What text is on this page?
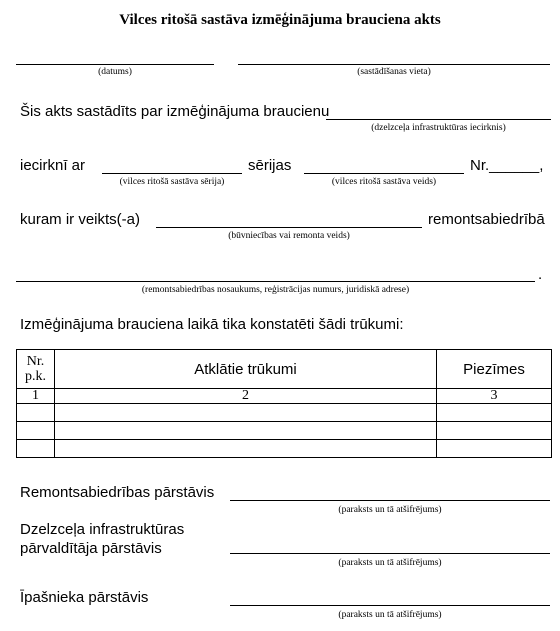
Vilces ritošā sastāva izmēģinājuma brauciena akts
(datums)	(sastādīšanas vieta)
Šis akts sastādīts par izmēģinājuma braucienu
(dzelzceļa infrastruktūras iecirknis)
iecirknī ar
(vilces ritošā sastāva sērija)
sērijas
(vilces ritošā sastāva veids)
Nr.______,
kuram ir veikts(-a)
(būvniecības vai remonta veids)
remontsabiedrībā
.
(remontsabiedrības nosaukums, reģistrācijas numurs, juridiskā adrese)
Izmēģinājuma brauciena laikā tika konstatēti šādi trūkumi:
Nr.
p.k.	Atklātie trūkumi	Piezīmes
1	2	3

Remontsabiedrības pārstāvis
(paraksts un tā atšifrējums)
Dzelzceļa infrastruktūras
pārvaldītāja pārstāvis
(paraksts un tā atšifrējums)
Īpašnieka pārstāvis
(paraksts un tā atšifrējums)
